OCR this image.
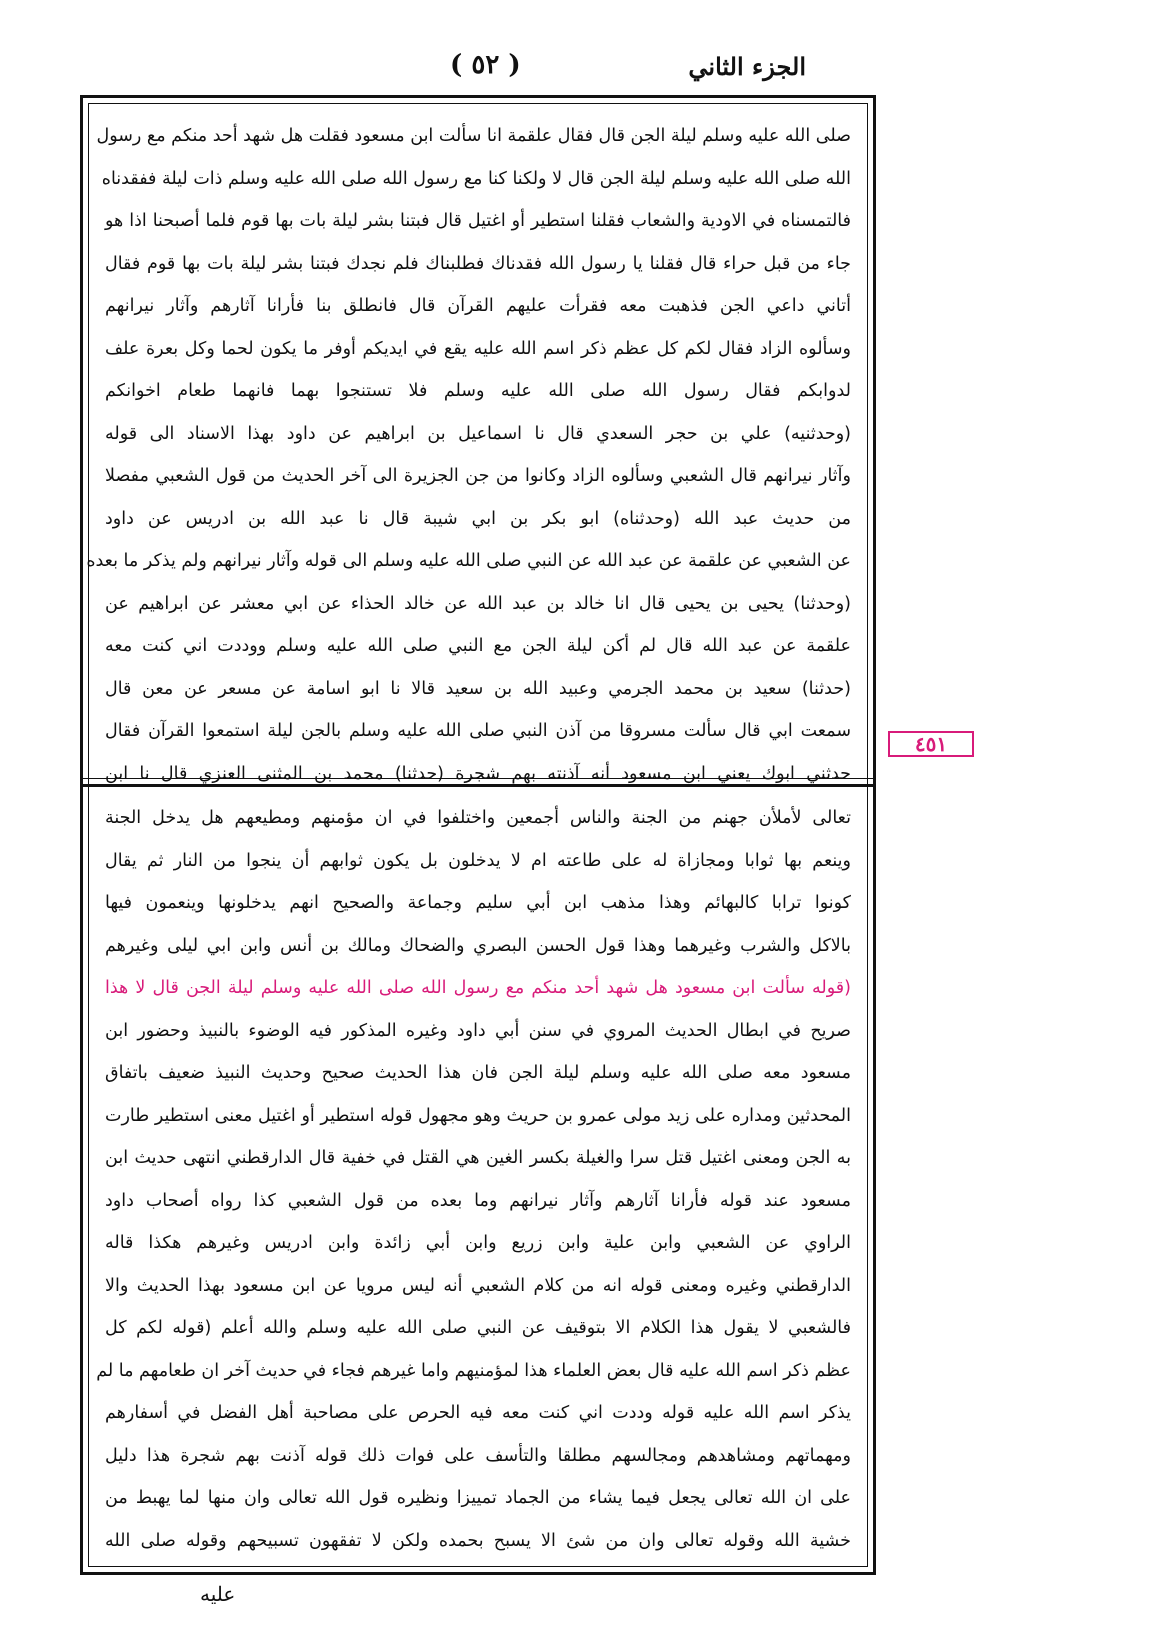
الجزء الثاني
( ٥٢ )
صلى الله عليه وسلم ليلة الجن قال فقال علقمة انا سألت ابن مسعود فقلت هل شهد أحد منكم مع رسول
الله صلى الله عليه وسلم ليلة الجن قال لا ولكنا كنا مع رسول الله صلى الله عليه وسلم ذات ليلة ففقدناه
فالتمسناه في الاودية والشعاب فقلنا استطير أو اغتيل قال فبتنا بشر ليلة بات بها قوم فلما أصبحنا اذا هو
جاء من قبل حراء قال فقلنا يا رسول الله فقدناك فطلبناك فلم نجدك فبتنا بشر ليلة بات بها قوم فقال
أتاني داعي الجن فذهبت معه فقرأت عليهم القرآن قال فانطلق بنا فأرانا آثارهم وآثار نيرانهم
وسألوه الزاد فقال لكم كل عظم ذكر اسم الله عليه يقع في ايديكم أوفر ما يكون لحما وكل بعرة علف
لدوابكم فقال رسول الله صلى الله عليه وسلم فلا تستنجوا بهما فانهما طعام اخوانكم
(وحدثنيه) علي بن حجر السعدي قال نا اسماعيل بن ابراهيم عن داود بهذا الاسناد الى قوله
وآثار نيرانهم قال الشعبي وسألوه الزاد وكانوا من جن الجزيرة الى آخر الحديث من قول الشعبي مفصلا
من حديث عبد الله (وحدثناه) ابو بكر بن ابي شيبة قال نا عبد الله بن ادريس عن داود
عن الشعبي عن علقمة عن عبد الله عن النبي صلى الله عليه وسلم الى قوله وآثار نيرانهم ولم يذكر ما بعده
(وحدثنا) يحيى بن يحيى قال انا خالد بن عبد الله عن خالد الحذاء عن ابي معشر عن ابراهيم عن
علقمة عن عبد الله قال لم أكن ليلة الجن مع النبي صلى الله عليه وسلم ووددت اني كنت معه
(حدثنا) سعيد بن محمد الجرمي وعبيد الله بن سعيد قالا نا ابو اسامة عن مسعر عن معن قال
سمعت ابي قال سألت مسروقا من آذن النبي صلى الله عليه وسلم بالجن ليلة استمعوا القرآن فقال
حدثني ابوك يعني ابن مسعود أنه آذنته بهم شجرة (حدثنا) محمد بن المثنى العنزي قال نا ابن
تعالى لأملأن جهنم من الجنة والناس أجمعين واختلفوا في ان مؤمنهم ومطيعهم هل يدخل الجنة
وينعم بها ثوابا ومجازاة له على طاعته ام لا يدخلون بل يكون ثوابهم أن ينجوا من النار ثم يقال
كونوا ترابا كالبهائم وهذا مذهب ابن أبي سليم وجماعة والصحيح انهم يدخلونها وينعمون فيها
بالاكل والشرب وغيرهما وهذا قول الحسن البصري والضحاك ومالك بن أنس وابن ابي ليلى وغيرهم
(قوله سألت ابن مسعود هل شهد أحد منكم مع رسول الله صلى الله عليه وسلم ليلة الجن قال لا هذا
صريح في ابطال الحديث المروي في سنن أبي داود وغيره المذكور فيه الوضوء بالنبيذ وحضور ابن
مسعود معه صلى الله عليه وسلم ليلة الجن فان هذا الحديث صحيح وحديث النبيذ ضعيف باتفاق
المحدثين ومداره على زيد مولى عمرو بن حريث وهو مجهول قوله استطير أو اغتيل معنى استطير طارت
به الجن ومعنى اغتيل قتل سرا والغيلة بكسر الغين هي القتل في خفية قال الدارقطني انتهى حديث ابن
مسعود عند قوله فأرانا آثارهم وآثار نيرانهم وما بعده من قول الشعبي كذا رواه أصحاب داود
الراوي عن الشعبي وابن علية وابن زريع وابن أبي زائدة وابن ادريس وغيرهم هكذا قاله
الدارقطني وغيره ومعنى قوله انه من كلام الشعبي أنه ليس مرويا عن ابن مسعود بهذا الحديث والا
فالشعبي لا يقول هذا الكلام الا بتوقيف عن النبي صلى الله عليه وسلم والله أعلم (قوله لكم كل
عظم ذكر اسم الله عليه قال بعض العلماء هذا لمؤمنيهم واما غيرهم فجاء في حديث آخر ان طعامهم ما لم
يذكر اسم الله عليه قوله وددت اني كنت معه فيه الحرص على مصاحبة أهل الفضل في أسفارهم
ومهماتهم ومشاهدهم ومجالسهم مطلقا والتأسف على فوات ذلك قوله آذنت بهم شجرة هذا دليل
على ان الله تعالى يجعل فيما يشاء من الجماد تمييزا ونظيره قول الله تعالى وان منها لما يهبط من
خشية الله وقوله تعالى وان من شئ الا يسبح بحمده ولكن لا تفقهون تسبيحهم وقوله صلى الله
٤٥١
عليه
